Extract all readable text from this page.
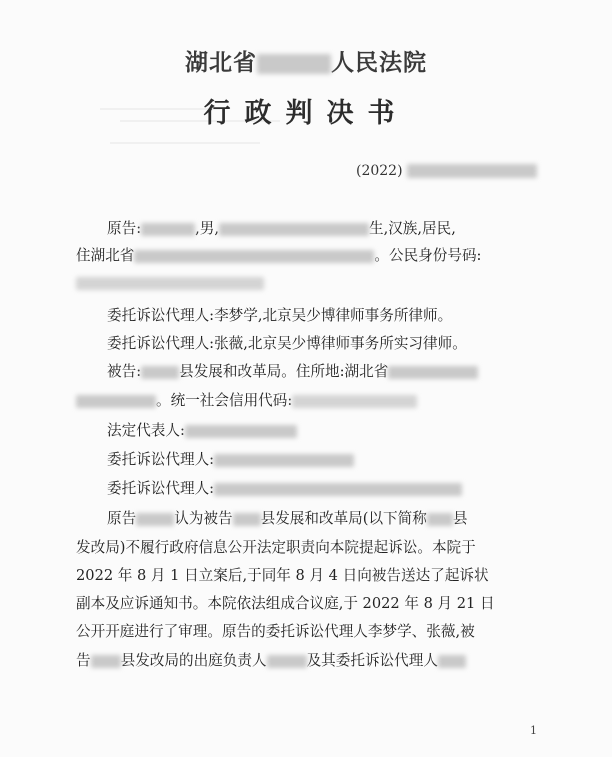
湖北省	人民法院
行政判决书
(2022)
原告:	,男,	生,汉族,居民,
住湖北省	。公民身份号码:
委托诉讼代理人:李梦学,北京吴少博律师事务所律师。
委托诉讼代理人:张薇,北京吴少博律师事务所实习律师。
被告:	县发展和改革局。住所地:湖北省
。统一社会信用代码:
法定代表人:
委托诉讼代理人:
委托诉讼代理人:
原告	认为被告 县发展和改革局(以下简称 县
发改局)不履行政府信息公开法定职责向本院提起诉讼。本院于
2022 年 8 月 1 日立案后,于同年 8 月 4 日向被告送达了起诉状
副本及应诉通知书。本院依法组成合议庭,于 2022 年 8 月 21 日
公开开庭进行了审理。原告的委托诉讼代理人李梦学、张薇,被
告 县发改局的出庭负责人	及其委托诉讼代理人
1
